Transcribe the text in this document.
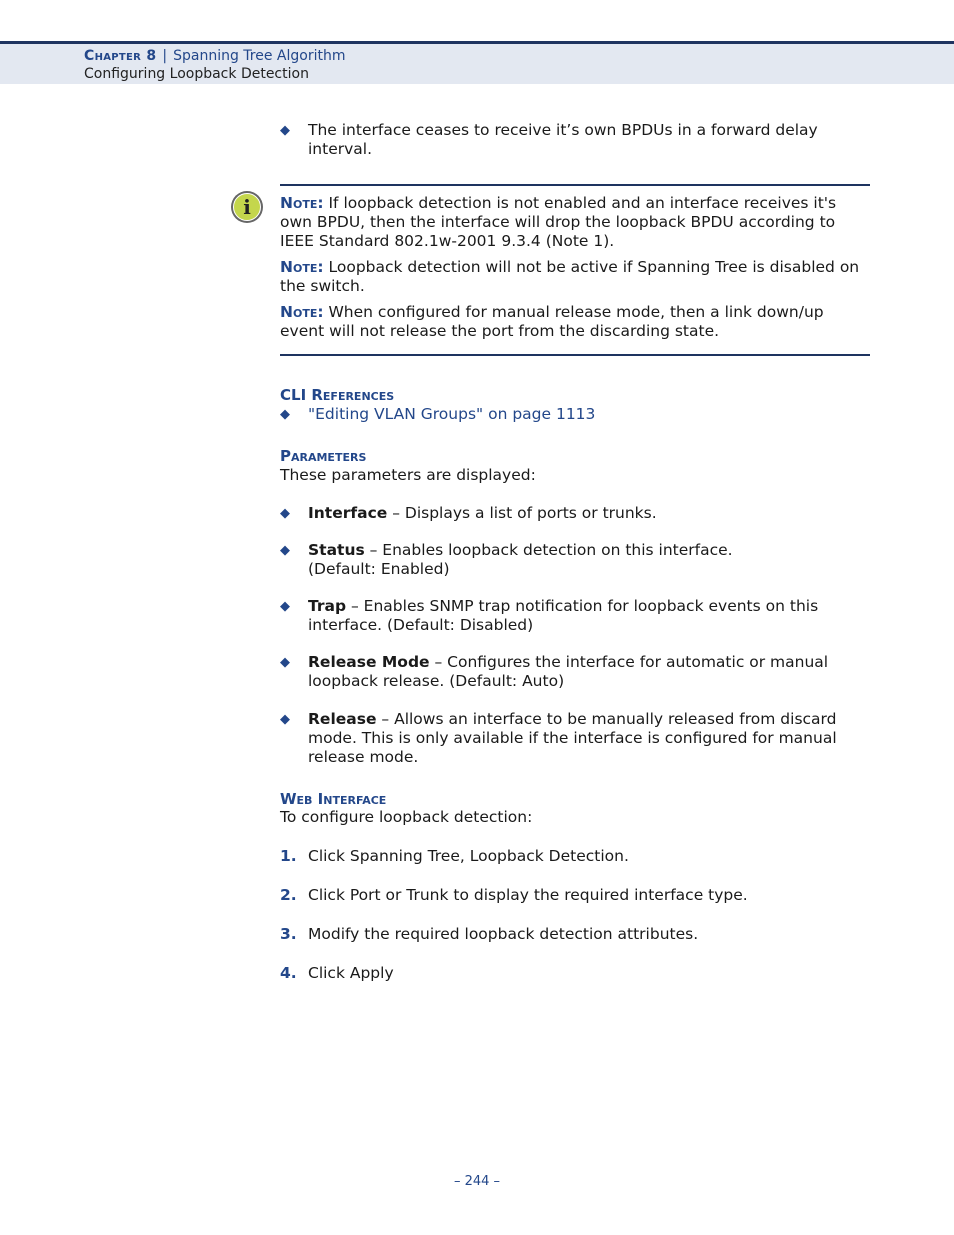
Chapter 8 | Spanning Tree Algorithm
Configuring Loopback Detection
◆ The interface ceases to receive it’s own BPDUs in a forward delay interval.
i	Note: If loopback detection is not enabled and an interface receives it's own BPDU, then the interface will drop the loopback BPDU according to IEEE Standard 802.1w-2001 9.3.4 (Note 1).
Note: Loopback detection will not be active if Spanning Tree is disabled on the switch.
Note: When configured for manual release mode, then a link down/up event will not release the port from the discarding state.
CLI References
◆ "Editing VLAN Groups" on page 1113
Parameters
These parameters are displayed:
◆ Interface – Displays a list of ports or trunks.
◆ Status – Enables loopback detection on this interface. (Default: Enabled)
◆ Trap – Enables SNMP trap notification for loopback events on this interface. (Default: Disabled)
◆ Release Mode – Configures the interface for automatic or manual loopback release. (Default: Auto)
◆ Release – Allows an interface to be manually released from discard mode. This is only available if the interface is configured for manual release mode.
Web Interface
To configure loopback detection:
1. Click Spanning Tree, Loopback Detection.
2. Click Port or Trunk to display the required interface type.
3. Modify the required loopback detection attributes.
4. Click Apply
– 244 –
